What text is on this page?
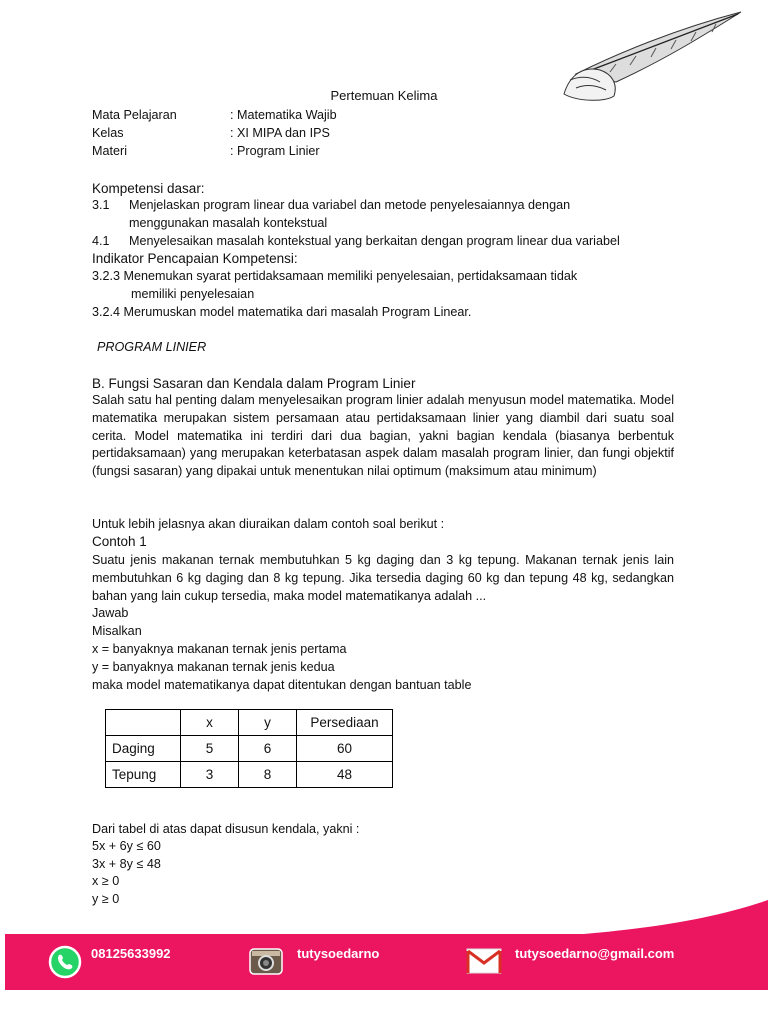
Pertemuan Kelima
Mata Pelajaran	: Matematika Wajib
Kelas	: XI MIPA dan IPS
Materi	: Program Linier
Kompetensi dasar:
3.1 Menjelaskan program linear dua variabel dan metode penyelesaiannya dengan
menggunakan masalah kontekstual
4.1 Menyelesaikan masalah kontekstual yang berkaitan dengan program linear dua variabel
Indikator Pencapaian Kompetensi:
3.2.3 Menemukan syarat pertidaksamaan memiliki penyelesaian, pertidaksamaan tidak
memiliki penyelesaian
3.2.4 Merumuskan model matematika dari masalah Program Linear.
PROGRAM LINIER
B. Fungsi Sasaran dan Kendala dalam Program Linier
Salah satu hal penting dalam menyelesaikan program linier adalah menyusun model matematika. Model matematika merupakan sistem persamaan atau pertidaksamaan linier yang diambil dari suatu soal cerita. Model matematika ini terdiri dari dua bagian, yakni bagian kendala (biasanya berbentuk pertidaksamaan) yang merupakan keterbatasan aspek dalam masalah program linier, dan fungi objektif (fungsi sasaran) yang dipakai untuk menentukan nilai optimum (maksimum atau minimum)
Untuk lebih jelasnya akan diuraikan dalam contoh soal berikut :
Contoh 1
Suatu jenis makanan ternak membutuhkan 5 kg daging dan 3 kg tepung. Makanan ternak jenis lain membutuhkan 6 kg daging dan 8 kg tepung. Jika tersedia daging 60 kg dan tepung 48 kg, sedangkan bahan yang lain cukup tersedia, maka model matematikanya adalah ...
Jawab
Misalkan
x = banyaknya makanan ternak jenis pertama
y = banyaknya makanan ternak jenis kedua
maka model matematikanya dapat ditentukan dengan bantuan table
	x	y	Persediaan
Daging	5	6	60
Tepung	3	8	48
Dari tabel di atas dapat disusun kendala, yakni :
5x + 6y ≤ 60
3x + 8y ≤ 48
x ≥ 0
y ≥ 0
08125633992	tutysoedarno	tutysoedarno@gmail.com
